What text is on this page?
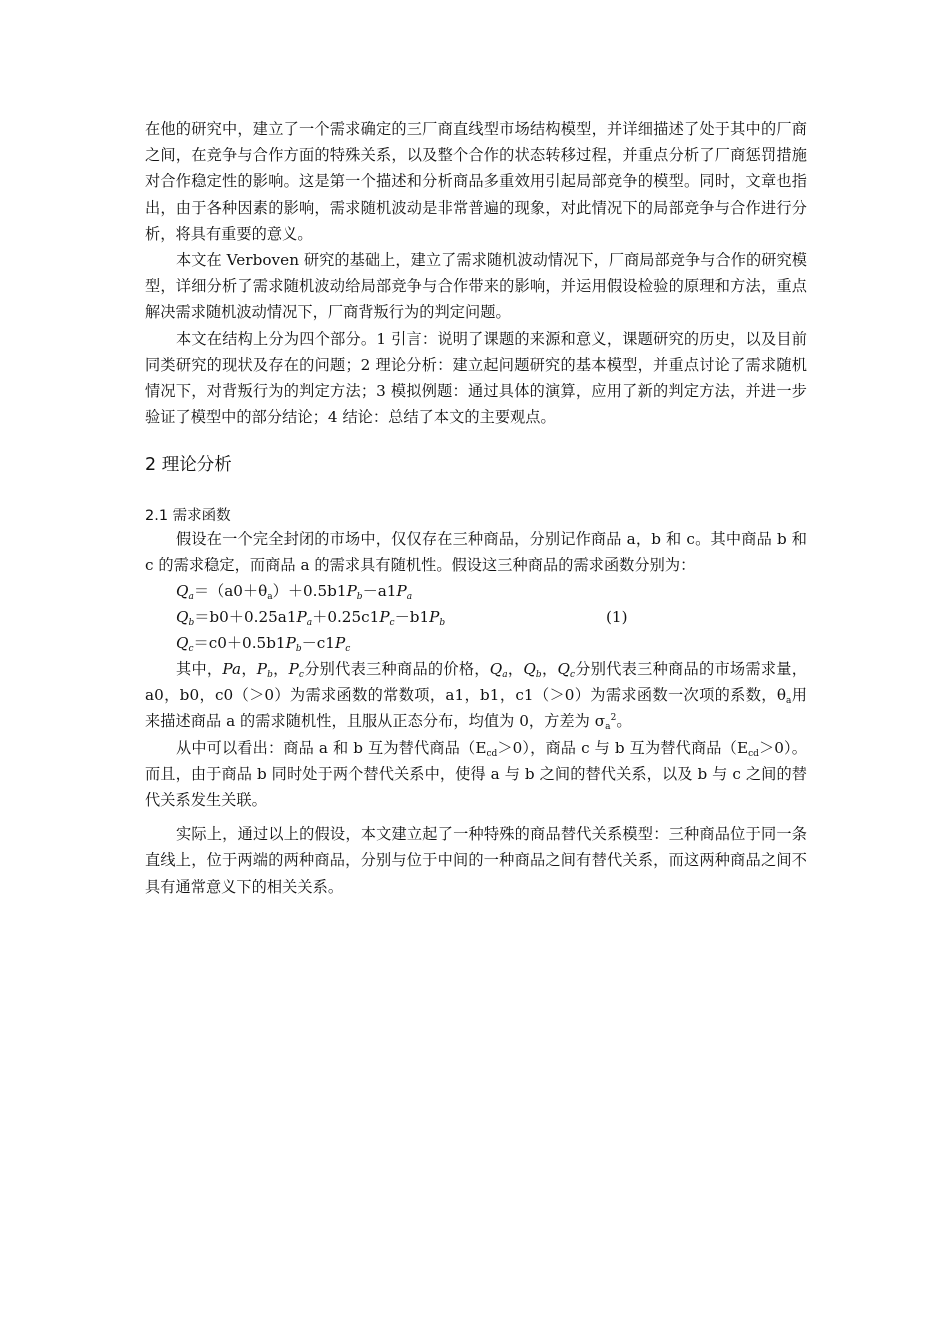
在他的研究中，建立了一个需求确定的三厂商直线型市场结构模型，并详细描述了处于其中的厂商之间，在竞争与合作方面的特殊关系，以及整个合作的状态转移过程，并重点分析了厂商惩罚措施对合作稳定性的影响。这是第一个描述和分析商品多重效用引起局部竞争的模型。同时，文章也指出，由于各种因素的影响，需求随机波动是非常普遍的现象，对此情况下的局部竞争与合作进行分析，将具有重要的意义。

本文在 Verboven 研究的基础上，建立了需求随机波动情况下，厂商局部竞争与合作的研究模型，详细分析了需求随机波动给局部竞争与合作带来的影响，并运用假设检验的原理和方法，重点解决需求随机波动情况下，厂商背叛行为的判定问题。

本文在结构上分为四个部分。1 引言：说明了课题的来源和意义，课题研究的历史，以及目前同类研究的现状及存在的问题；2 理论分析：建立起问题研究的基本模型，并重点讨论了需求随机情况下，对背叛行为的判定方法；3 模拟例题：通过具体的演算，应用了新的判定方法，并进一步验证了模型中的部分结论；4 结论：总结了本文的主要观点。

2 理论分析
2.1 需求函数

假设在一个完全封闭的市场中，仅仅存在三种商品，分别记作商品 a，b 和 c。其中商品 b 和 c 的需求稳定，而商品 a 的需求具有随机性。假设这三种商品的需求函数分别为：

$Q_a=(a0+\theta_a)+0.5b1P_b-a1P_a$
$Q_b=b0+0.25a1P_a+0.25c1P_c-b1P_b$	(1)
$Q_c=c0+0.5b1P_b-c1P_c$

其中，Pa，$P_b$，$P_c$分别代表三种商品的价格，$Q_a$，$Q_b$，$Q_c$分别代表三种商品的市场需求量，a0，b0，c0（＞0）为需求函数的常数项，a1，b1，c1（＞0）为需求函数一次项的系数，$\theta_a$用来描述商品 a 的需求随机性，且服从正态分布，均值为 0，方差为 $\sigma_a^2$。

从中可以看出：商品 a 和 b 互为替代商品$(E_{cd}>0)$，商品 c 与 b 互为替代商品$(E_{cd}>0)$。而且，由于商品 b 同时处于两个替代关系中，使得 a 与 b 之间的替代关系，以及 b 与 c 之间的替代关系发生关联。

实际上，通过以上的假设，本文建立起了一种特殊的商品替代关系模型：三种商品位于同一条直线上，位于两端的两种商品，分别与位于中间的一种商品之间有替代关系，而这两种商品之间不具有通常意义下的相关关系。
